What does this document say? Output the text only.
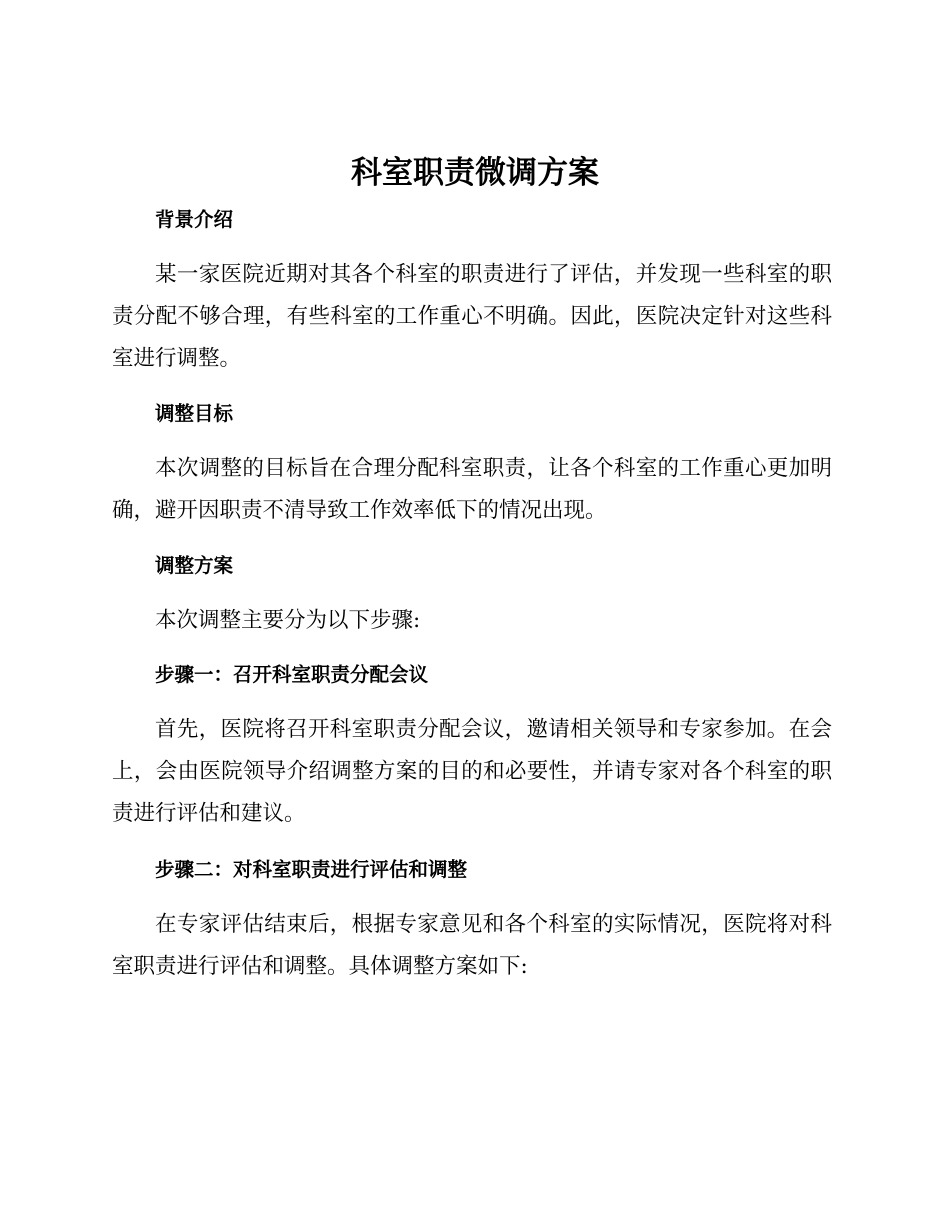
科室职责微调方案
背景介绍
某一家医院近期对其各个科室的职责进行了评估，并发现一些科室的职责分配不够合理，有些科室的工作重心不明确。因此，医院决定针对这些科室进行调整。
调整目标
本次调整的目标旨在合理分配科室职责，让各个科室的工作重心更加明确，避开因职责不清导致工作效率低下的情况出现。
调整方案
本次调整主要分为以下步骤:
步骤一：召开科室职责分配会议
首先，医院将召开科室职责分配会议，邀请相关领导和专家参加。在会上，会由医院领导介绍调整方案的目的和必要性，并请专家对各个科室的职责进行评估和建议。
步骤二：对科室职责进行评估和调整
在专家评估结束后，根据专家意见和各个科室的实际情况，医院将对科室职责进行评估和调整。具体调整方案如下:
